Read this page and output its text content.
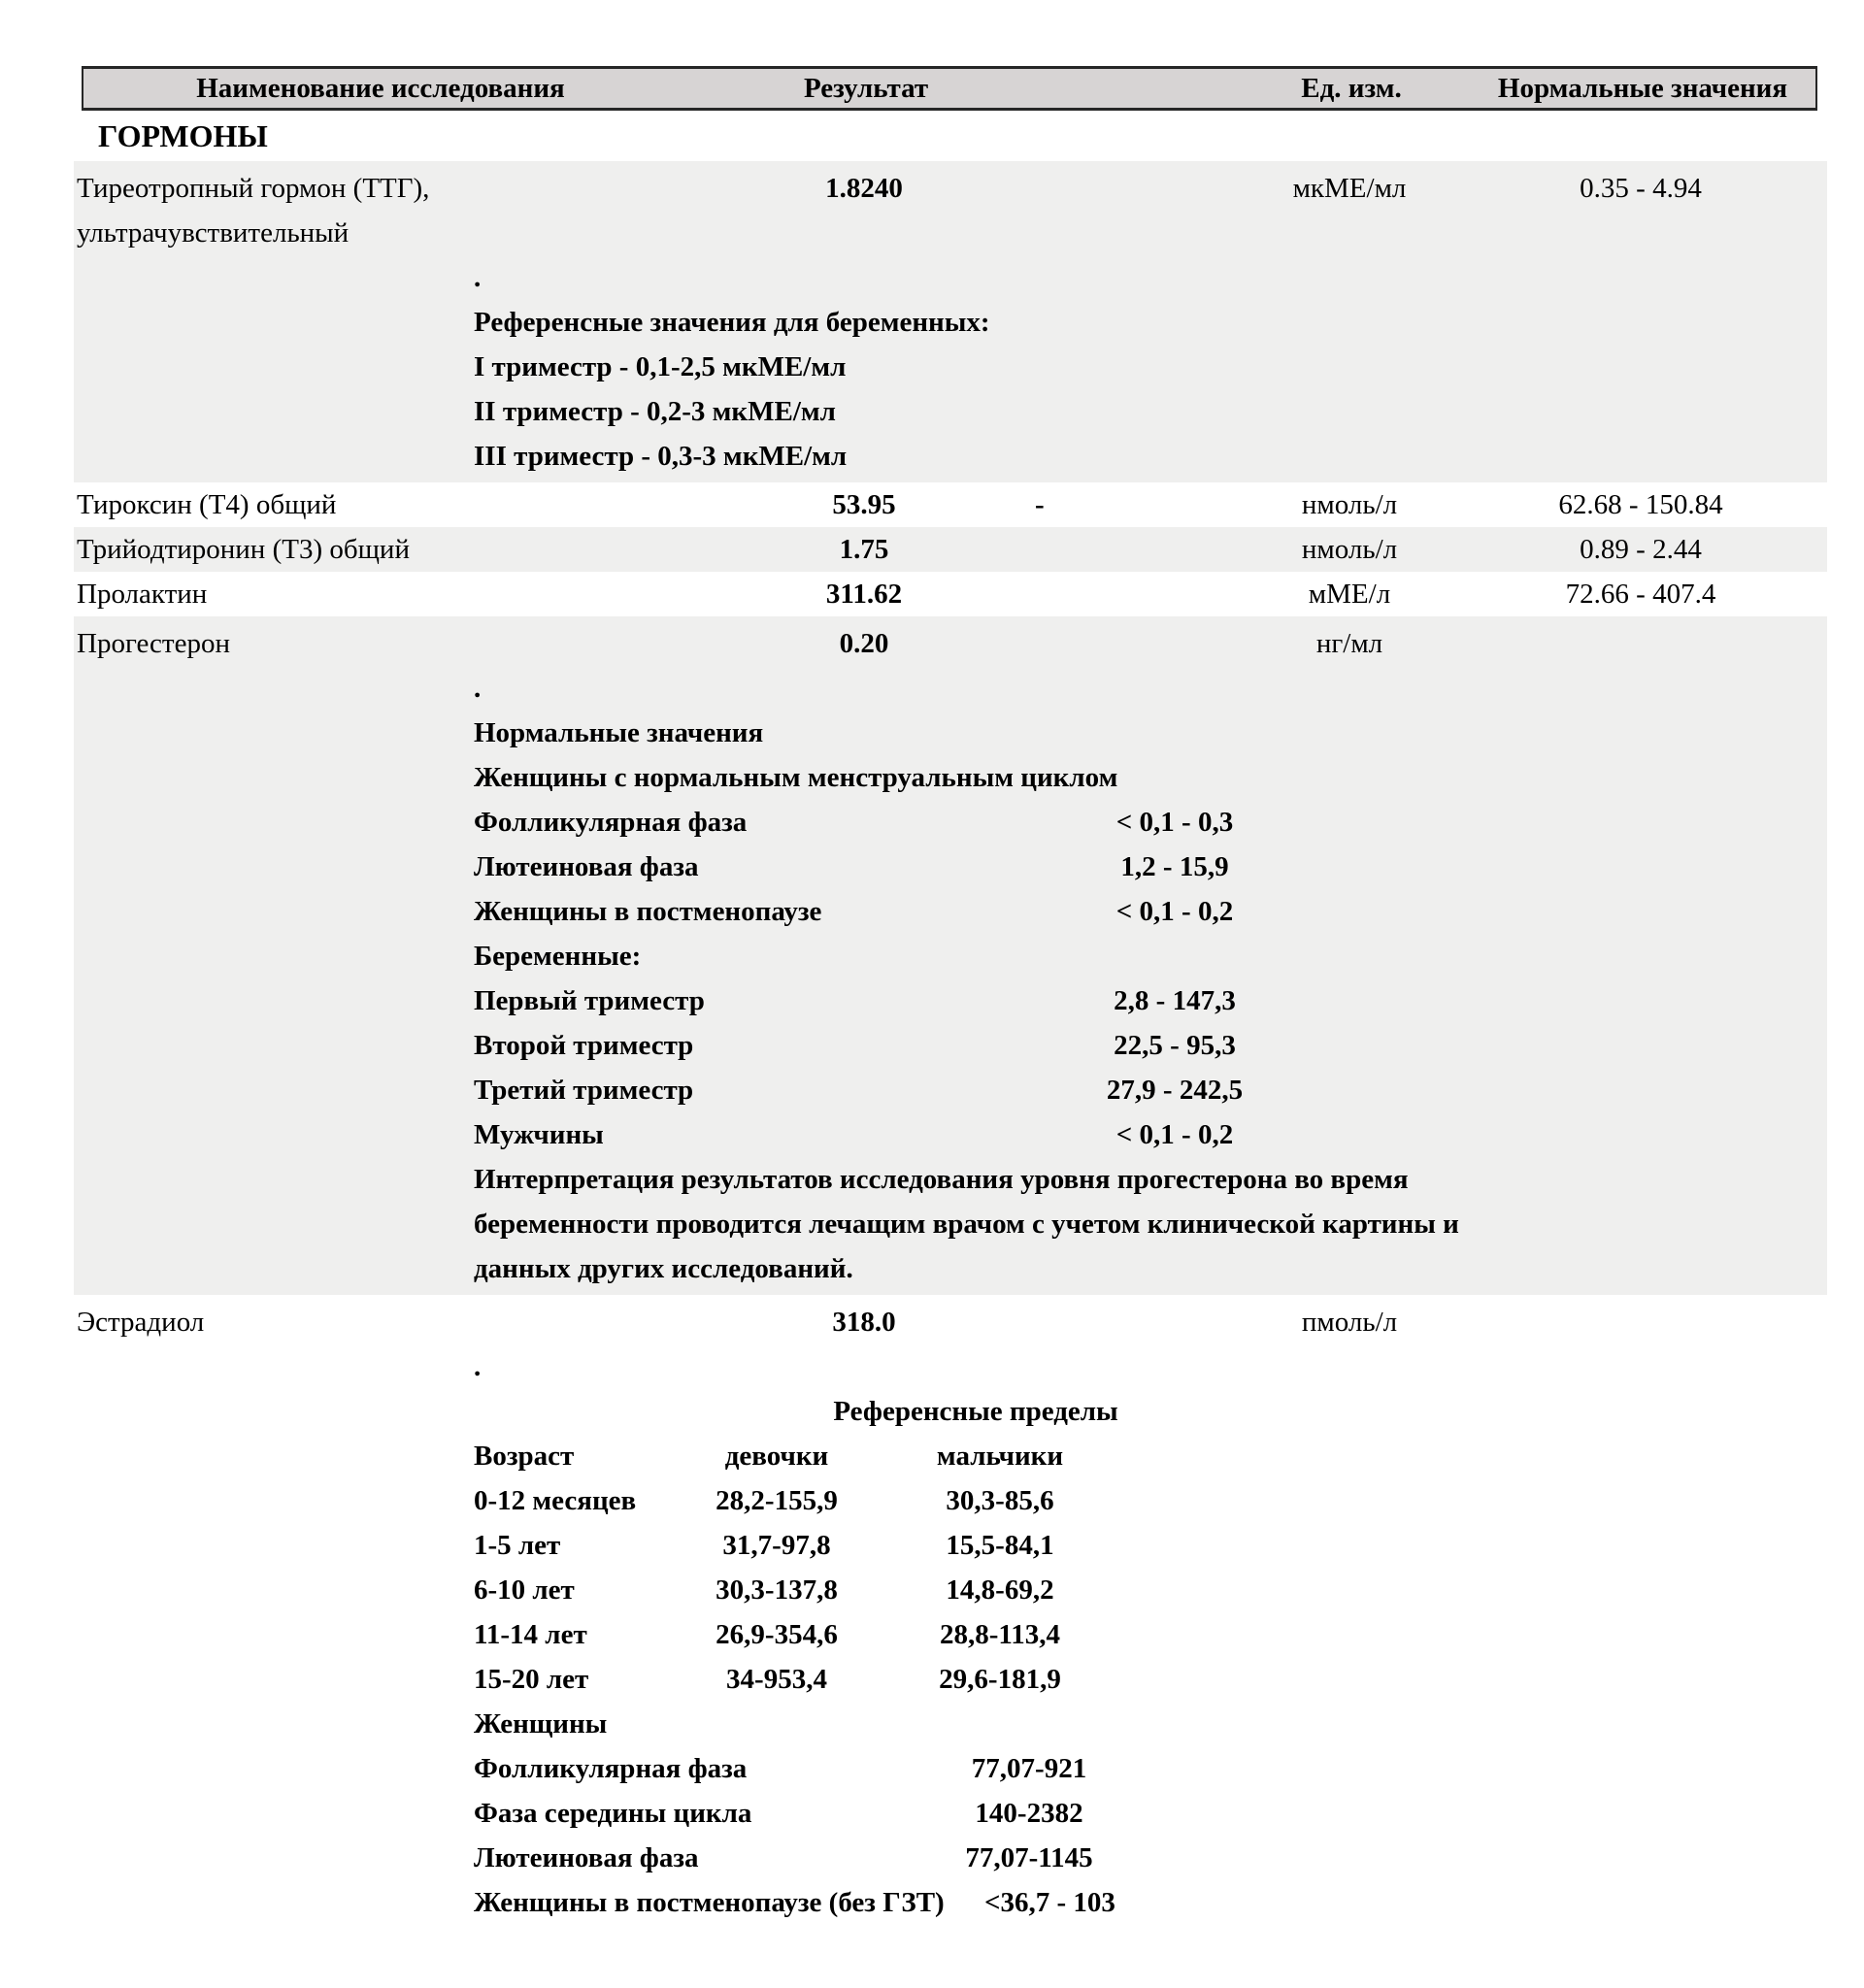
Наименование исследования	Результат	Ед. изм.	Нормальные значения
ГОРМОНЫ
Тиреотропный гормон (ТТГ),
ультрачувствительный
1.8240	мкМЕ/мл	0.35 - 4.94
.
Референсные значения для беременных:
I триместр - 0,1-2,5 мкМЕ/мл
II триместр - 0,2-3 мкМЕ/мл
III триместр - 0,3-3 мкМЕ/мл
Тироксин (Т4) общий	53.95	-	нмоль/л	62.68 - 150.84
Трийодтиронин (Т3) общий	1.75	нмоль/л	0.89 - 2.44
Пролактин	311.62	мМЕ/л	72.66 - 407.4
Прогестерон	0.20	нг/мл
.
Нормальные значения
Женщины с нормальным менструальным циклом
Фолликулярная фаза	< 0,1 - 0,3
Лютеиновая фаза	1,2 - 15,9
Женщины в постменопаузе	< 0,1 - 0,2
Беременные:
Первый триместр	2,8 - 147,3
Второй триместр	22,5 - 95,3
Третий триместр	27,9 - 242,5
Мужчины	< 0,1 - 0,2
Интерпретация результатов исследования уровня прогестерона во время
беременности проводится лечащим врачом с учетом клинической картины и
данных других исследований.
Эстрадиол	318.0	пмоль/л
.
Референсные пределы
Возраст	девочки	мальчики
0-12 месяцев	28,2-155,9	30,3-85,6
1-5 лет	31,7-97,8	15,5-84,1
6-10 лет	30,3-137,8	14,8-69,2
11-14 лет	26,9-354,6	28,8-113,4
15-20 лет	34-953,4	29,6-181,9
Женщины
Фолликулярная фаза	77,07-921
Фаза середины цикла	140-2382
Лютеиновая фаза	77,07-1145
Женщины в постменопаузе (без ГЗТ) <36,7 - 103
